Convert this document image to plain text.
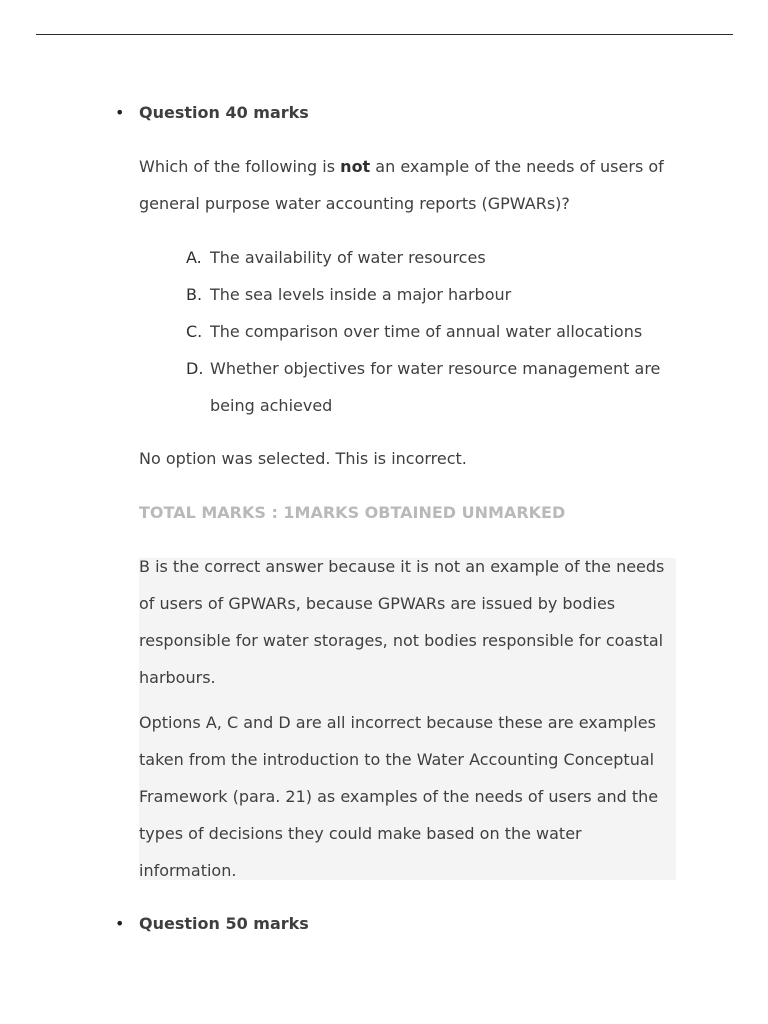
• Question 40 marks
Which of the following is not an example of the needs of users of general purpose water accounting reports (GPWARs)?
A. The availability of water resources
B. The sea levels inside a major harbour
C. The comparison over time of annual water allocations
D. Whether objectives for water resource management are being achieved
No option was selected. This is incorrect.
TOTAL MARKS : 1MARKS OBTAINED UNMARKED

B is the correct answer because it is not an example of the needs of users of GPWARs, because GPWARs are issued by bodies responsible for water storages, not bodies responsible for coastal harbours.

Options A, C and D are all incorrect because these are examples taken from the introduction to the Water Accounting Conceptual Framework (para. 21) as examples of the needs of users and the types of decisions they could make based on the water information.

• Question 50 marks
